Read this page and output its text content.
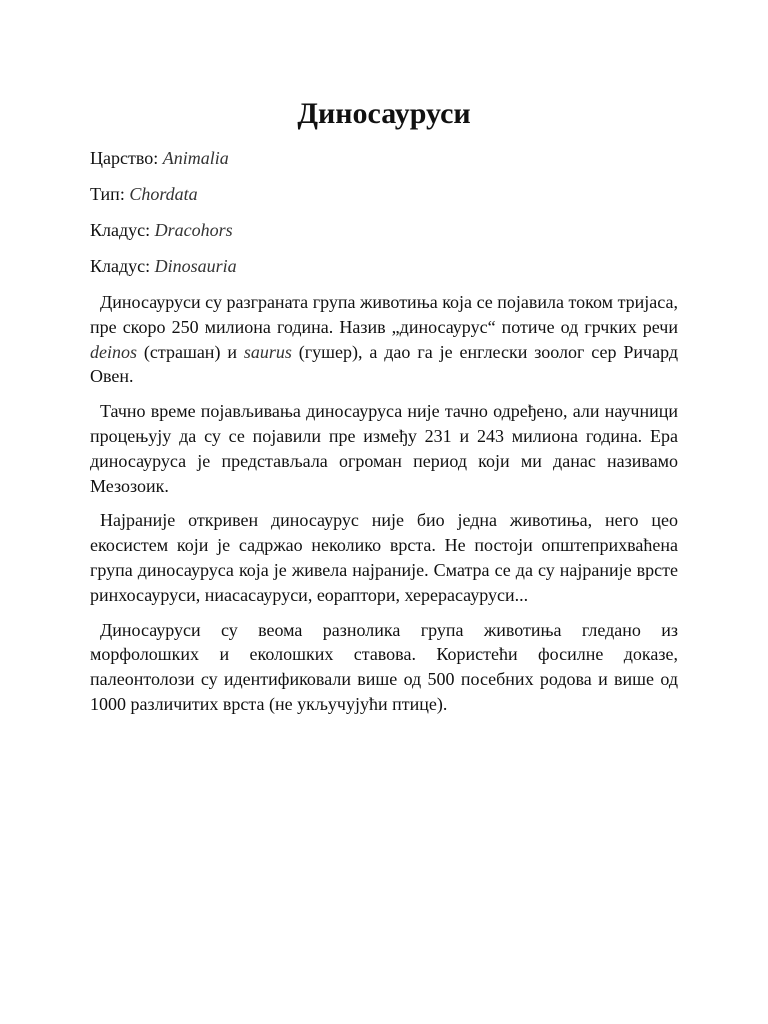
Диносауруси

Царство: Animalia

Тип: Chordata

Кладус: Dracohors

Кладус: Dinosauria

Диносауруси су разграната група животиња која се појавила током тријаса, пре скоро 250 милиона година. Назив „диносаурус“ потиче од грчких речи deinos (страшан) и saurus (гушер), а дао га је енглески зоолог сер Ричард Овен.

Тачно време појављивања диносауруса није тачно одређено, али научници процењују да су се појавили пре између 231 и 243 милиона година. Ера диносауруса је представљала огроман период који ми данас називамо Мезозоик.

Најраније откривен диносаурус није био једна животиња, него цео екосистем који је садржао неколико врста. Не постоји општеприхваћена група диносауруса која је живела најраније. Сматра се да су најраније врсте ринхосауруси, ниасасауруси, еораптори, херерасауруси...

Диносауруси су веома разнолика група животиња гледано из морфолошких и еколошких ставова. Користећи фосилне доказе, палеонтолози су идентификовали више од 500 посебних родова и више од 1000 различитих врста (не укључујући птице).
